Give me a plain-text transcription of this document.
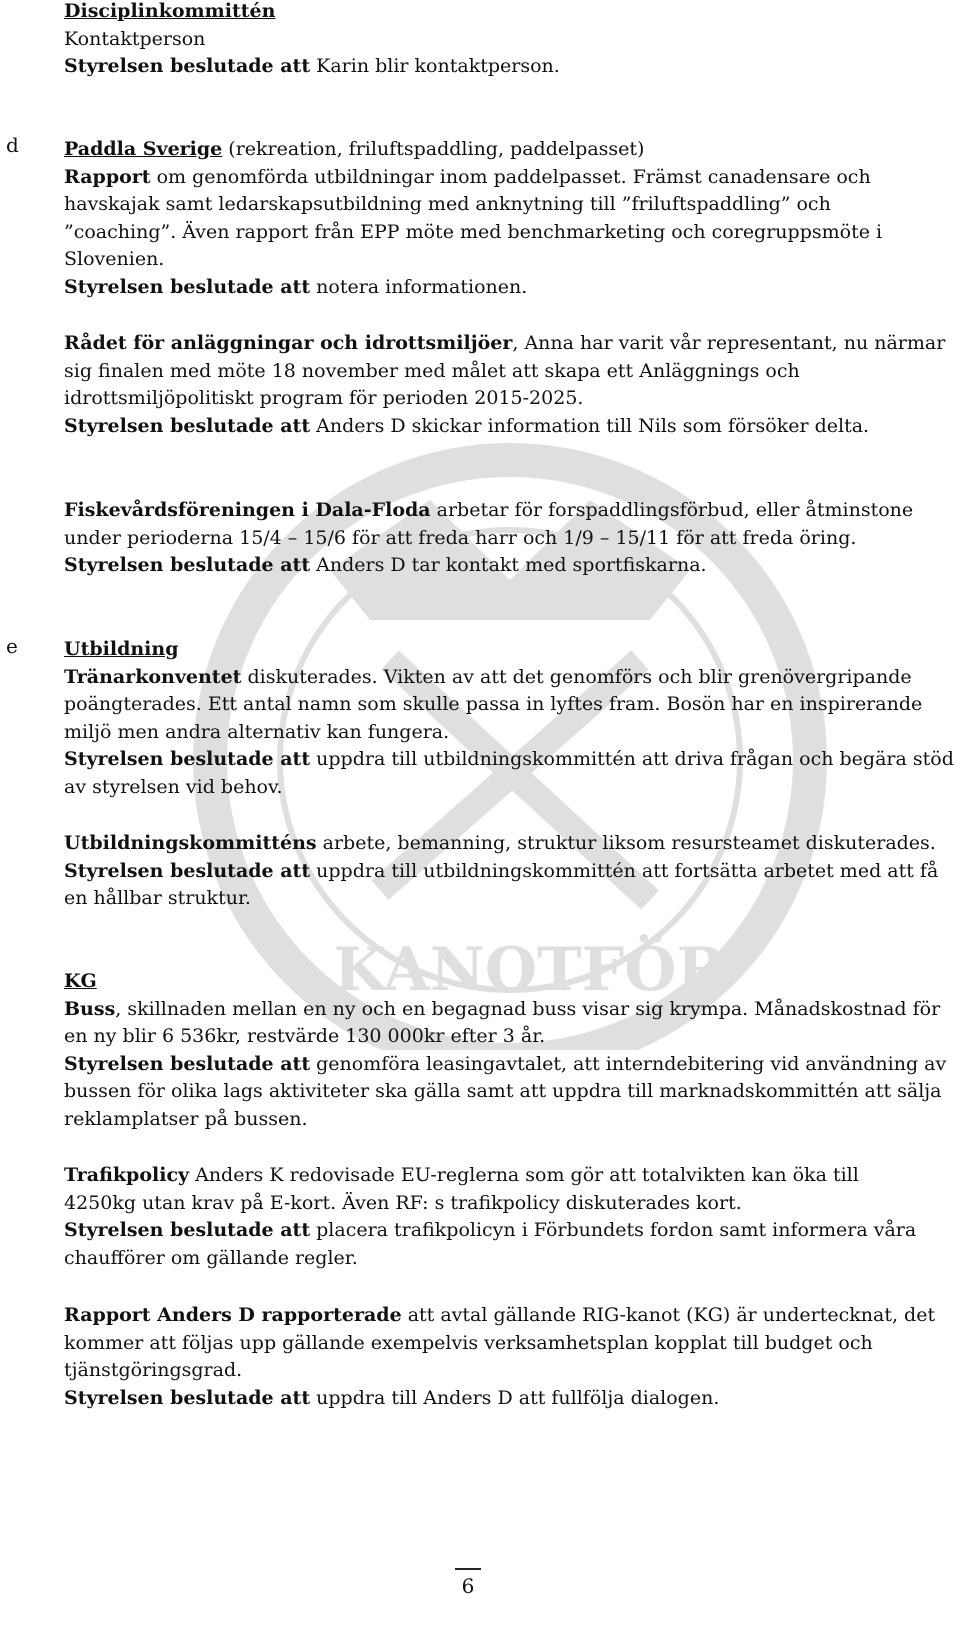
KANOTFÖR
d
e
Disciplinkommittén
Kontaktperson
Styrelsen beslutade att Karin blir kontaktperson.
Paddla Sverige (rekreation, friluftspaddling, paddelpasset)
Rapport om genomförda utbildningar inom paddelpasset. Främst canadensare och
havskajak samt ledarskapsutbildning med anknytning till ”friluftspaddling” och
”coaching”. Även rapport från EPP möte med benchmarketing och coregruppsmöte i
Slovenien.
Styrelsen beslutade att notera informationen.
Rådet för anläggningar och idrottsmiljöer, Anna har varit vår representant, nu närmar
sig finalen med möte 18 november med målet att skapa ett Anläggnings och
idrottsmiljöpolitiskt program för perioden 2015-2025.
Styrelsen beslutade att Anders D skickar information till Nils som försöker delta.
Fiskevårdsföreningen i Dala-Floda arbetar för forspaddlingsförbud, eller åtminstone
under perioderna 15/4 – 15/6 för att freda harr och 1/9 – 15/11 för att freda öring.
Styrelsen beslutade att Anders D tar kontakt med sportfiskarna.
Utbildning
Tränarkonventet diskuterades. Vikten av att det genomförs och blir grenövergripande
poängterades. Ett antal namn som skulle passa in lyftes fram. Bosön har en inspirerande
miljö men andra alternativ kan fungera.
Styrelsen beslutade att uppdra till utbildningskommittén att driva frågan och begära stöd
av styrelsen vid behov.
Utbildningskommitténs arbete, bemanning, struktur liksom resursteamet diskuterades.
Styrelsen beslutade att uppdra till utbildningskommittén att fortsätta arbetet med att få
en hållbar struktur.
KG
Buss, skillnaden mellan en ny och en begagnad buss visar sig krympa. Månadskostnad för
en ny blir 6 536kr, restvärde 130 000kr efter 3 år.
Styrelsen beslutade att genomföra leasingavtalet, att interndebitering vid användning av
bussen för olika lags aktiviteter ska gälla samt att uppdra till marknadskommittén att sälja
reklamplatser på bussen.
Trafikpolicy Anders K redovisade EU-reglerna som gör att totalvikten kan öka till
4250kg utan krav på E-kort. Även RF: s trafikpolicy diskuterades kort.
Styrelsen beslutade att placera trafikpolicyn i Förbundets fordon samt informera våra
chaufförer om gällande regler.
Rapport Anders D rapporterade att avtal gällande RIG-kanot (KG) är undertecknat, det
kommer att följas upp gällande exempelvis verksamhetsplan kopplat till budget och
tjänstgöringsgrad.
Styrelsen beslutade att uppdra till Anders D att fullfölja dialogen.
6
